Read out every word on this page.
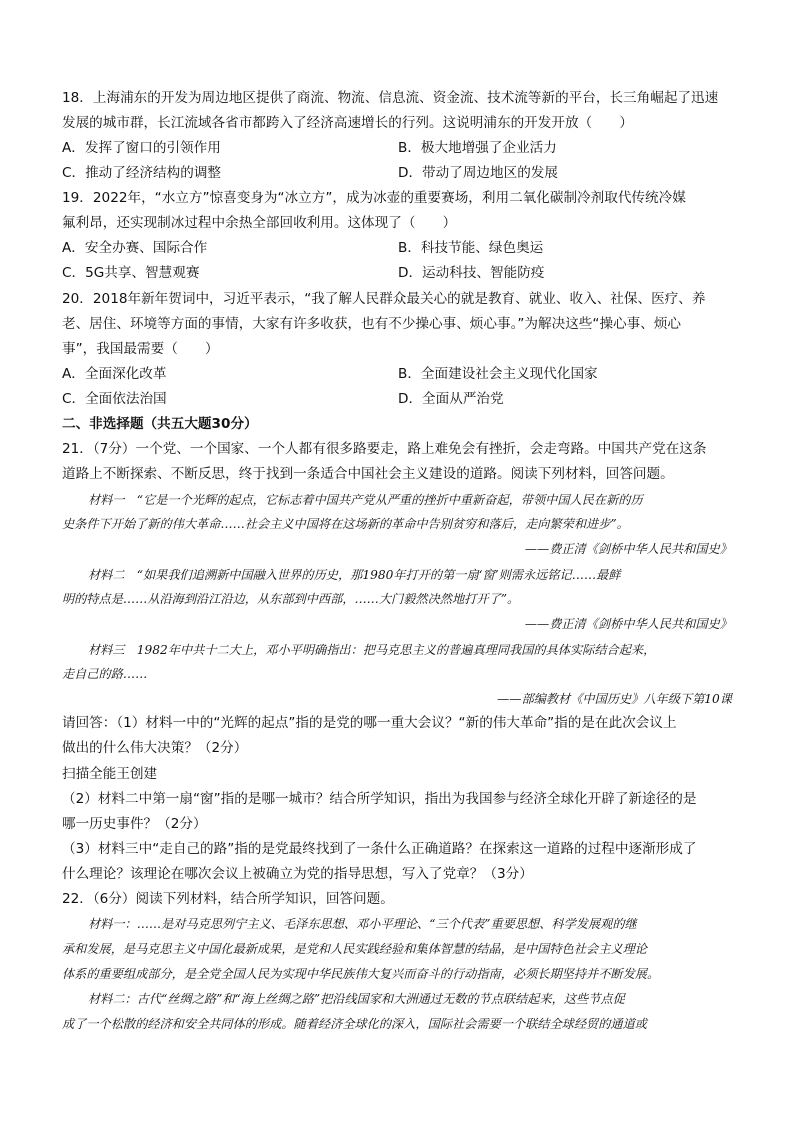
18．上海浦东的开发为周边地区提供了商流、物流、信息流、资金流、技术流等新的平台，长三角崛起了迅速
发展的城市群，长江流域各省市都跨入了经济高速增长的行列。这说明浦东的开发开放（　　）
A．发挥了窗口的引领作用	B．极大地增强了企业活力
C．推动了经济结构的调整	D．带动了周边地区的发展
19．2022年，“水立方”惊喜变身为“冰立方”，成为冰壶的重要赛场，利用二氧化碳制冷剂取代传统冷媒
氟利昂，还实现制冰过程中余热全部回收利用。这体现了（　　）
A．安全办赛、国际合作	B．科技节能、绿色奥运
C．5G共享、智慧观赛	D．运动科技、智能防疫
20．2018年新年贺词中，习近平表示，“我了解人民群众最关心的就是教育、就业、收入、社保、医疗、养
老、居住、环境等方面的事情，大家有许多收获，也有不少操心事、烦心事。”为解决这些“操心事、烦心
事”，我国最需要（　　）
A．全面深化改革	B．全面建设社会主义现代化国家
C．全面依法治国	D．全面从严治党
二、非选择题（共五大题30分）
21．（7分）一个党、一个国家、一个人都有很多路要走，路上难免会有挫折，会走弯路。中国共产党在这条
道路上不断探索、不断反思，终于找到一条适合中国社会主义建设的道路。阅读下列材料，回答问题。
材料一　“它是一个光辉的起点，它标志着中国共产党从严重的挫折中重新奋起，带领中国人民在新的历
史条件下开始了新的伟大革命……社会主义中国将在这场新的革命中告别贫穷和落后，走向繁荣和进步”。
——费正清《剑桥中华人民共和国史》
材料二　“如果我们追溯新中国融入世界的历史，那1980年打开的第一扇‘窗’则需永远铭记……最鲜
明的特点是……从沿海到沿江沿边，从东部到中西部，……大门毅然决然地打开了”。
——费正清《剑桥中华人民共和国史》
材料三　1982年中共十二大上，邓小平明确指出：把马克思主义的普遍真理同我国的具体实际结合起来，
走自己的路……
——部编教材《中国历史》八年级下第10课
请回答：（1）材料一中的“光辉的起点”指的是党的哪一重大会议？“新的伟大革命”指的是在此次会议上
做出的什么伟大决策？（2分）
扫描全能王创建
（2）材料二中第一扇“窗”指的是哪一城市？结合所学知识，指出为我国参与经济全球化开辟了新途径的是
哪一历史事件？（2分）
（3）材料三中“走自己的路”指的是党最终找到了一条什么正确道路？在探索这一道路的过程中逐渐形成了
什么理论？该理论在哪次会议上被确立为党的指导思想，写入了党章？（3分）
22．（6分）阅读下列材料，结合所学知识，回答问题。
材料一：……是对马克思列宁主义、毛泽东思想、邓小平理论、“三个代表”重要思想、科学发展观的继
承和发展，是马克思主义中国化最新成果，是党和人民实践经验和集体智慧的结晶，是中国特色社会主义理论
体系的重要组成部分，是全党全国人民为实现中华民族伟大复兴而奋斗的行动指南，必须长期坚持并不断发展。
材料二：古代“丝绸之路”和“海上丝绸之路”把沿线国家和大洲通过无数的节点联结起来，这些节点促
成了一个松散的经济和安全共同体的形成。随着经济全球化的深入，国际社会需要一个联结全球经贸的通道或
